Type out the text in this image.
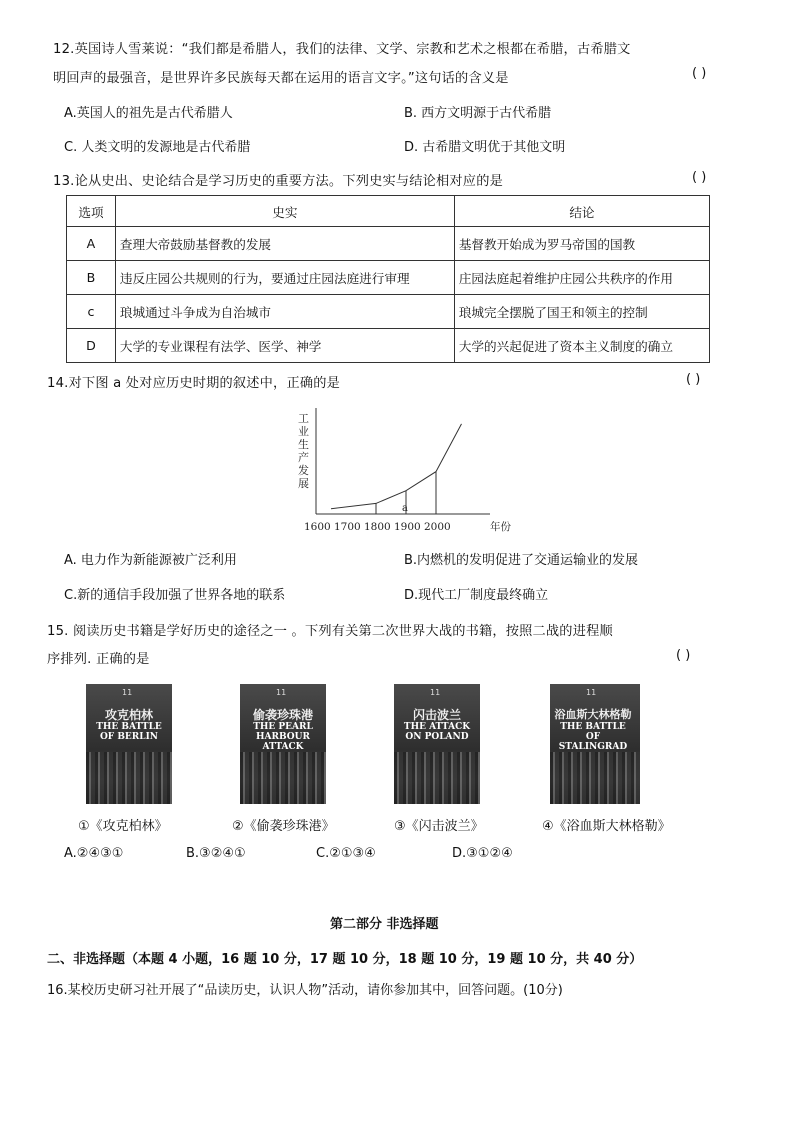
12.英国诗人雪莱说：“我们都是希腊人，我们的法律、文学、宗教和艺术之根都在希腊，古希腊文
明回声的最强音，是世界许多民族每天都在运用的语言文字。”这句话的含义是	( )
A.英国人的祖先是古代希腊人	B. 西方文明源于古代希腊
C. 人类文明的发源地是古代希腊	D. 古希腊文明优于其他文明
13.论从史出、史论结合是学习历史的重要方法。下列史实与结论相对应的是	( )
选项	史实	结论
A	查理大帝鼓励基督教的发展	基督教开始成为罗马帝国的国教
B	违反庄园公共规则的行为，要通过庄园法庭进行审理	庄园法庭起着维护庄园公共秩序的作用
c	琅城通过斗争成为自治城市	琅城完全摆脱了国王和领主的控制
D	大学的专业课程有法学、医学、神学	大学的兴起促进了资本主义制度的确立
14.对下图 a 处对应历史时期的叙述中，正确的是	( )
工
业
生
产
发
展
1600 1700 1800 1900 2000
a
年份
A. 电力作为新能源被广泛利用	B.内燃机的发明促进了交通运输业的发展
C.新的通信手段加强了世界各地的联系	D.现代工厂制度最终确立
15. 阅读历史书籍是学好历史的途径之一 。下列有关第二次世界大战的书籍，按照二战的进程顺
序排列. 正确的是	( )
11
攻克柏林
THE BATTLE OF BERLIN
11
偷袭珍珠港
THE PEARL HARBOUR ATTACK
11
闪击波兰
THE ATTACK ON POLAND
11
浴血斯大林格勒
THE BATTLE OF STALINGRAD
①《攻克柏林》	②《偷袭珍珠港》	③《闪击波兰》	④《浴血斯大林格勒》
A.②④③①	B.③②④①	C.②①③④	D.③①②④
第二部分 非选择题
二、非选择题（本题 4 小题，16 题 10 分，17 题 10 分，18 题 10 分，19 题 10 分，共 40 分）
16.某校历史研习社开展了“品读历史，认识人物”活动，请你参加其中，回答问题。(10分)
